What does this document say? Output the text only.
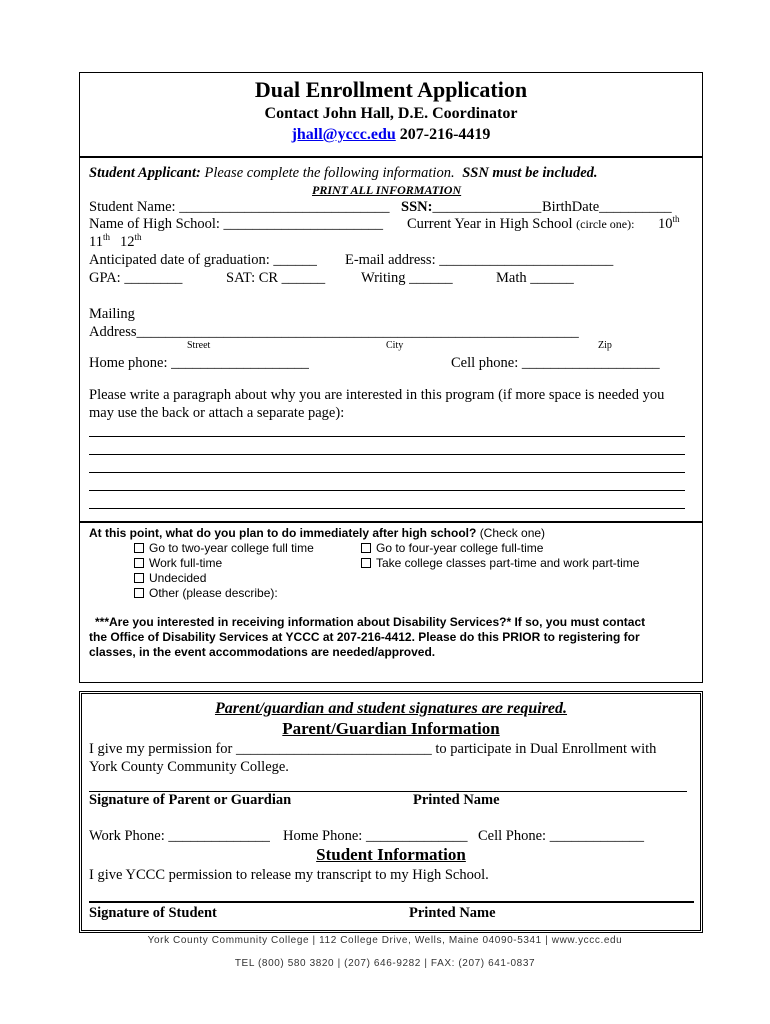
Dual Enrollment Application
Contact John Hall, D.E. Coordinator
jhall@yccc.edu 207-216-4419
Student Applicant: Please complete the following information. SSN must be included.
PRINT ALL INFORMATION
Student Name: _____________________________ SSN:_______________ BirthDate__________
Name of High School: ______________________ Current Year in High School (circle one): 10th
11th 12th
Anticipated date of graduation: ______ E-mail address: ________________________
GPA: ________	SAT: CR ______ Writing ______	Math ______
Mailing
Address_____________________________________________________________
Street	City	Zip
Home phone: ___________________	Cell phone: ___________________
Please write a paragraph about why you are interested in this program (if more space is needed you
may use the back or attach a separate page):
At this point, what do you plan to do immediately after high school? (Check one)
Go to two-year college full time
Work full-time
Undecided
Other (please describe):
Go to four-year college full-time
Take college classes part-time and work part-time
***Are you interested in receiving information about Disability Services?* If so, you must contact
the Office of Disability Services at YCCC at 207-216-4412. Please do this PRIOR to registering for
classes, in the event accommodations are needed/approved.
Parent/guardian and student signatures are required.
Parent/Guardian Information
I give my permission for ___________________________ to participate in Dual Enrollment with
York County Community College.
Signature of Parent or Guardian	Printed Name
Work Phone: ______________ Home Phone: ______________ Cell Phone: _____________
Student Information
I give YCCC permission to release my transcript to my High School.
Signature of Student	Printed Name
York County Community College | 112 College Drive, Wells, Maine 04090-5341 | www.yccc.edu
TEL (800) 580 3820 | (207) 646-9282 | FAX: (207) 641-0837
